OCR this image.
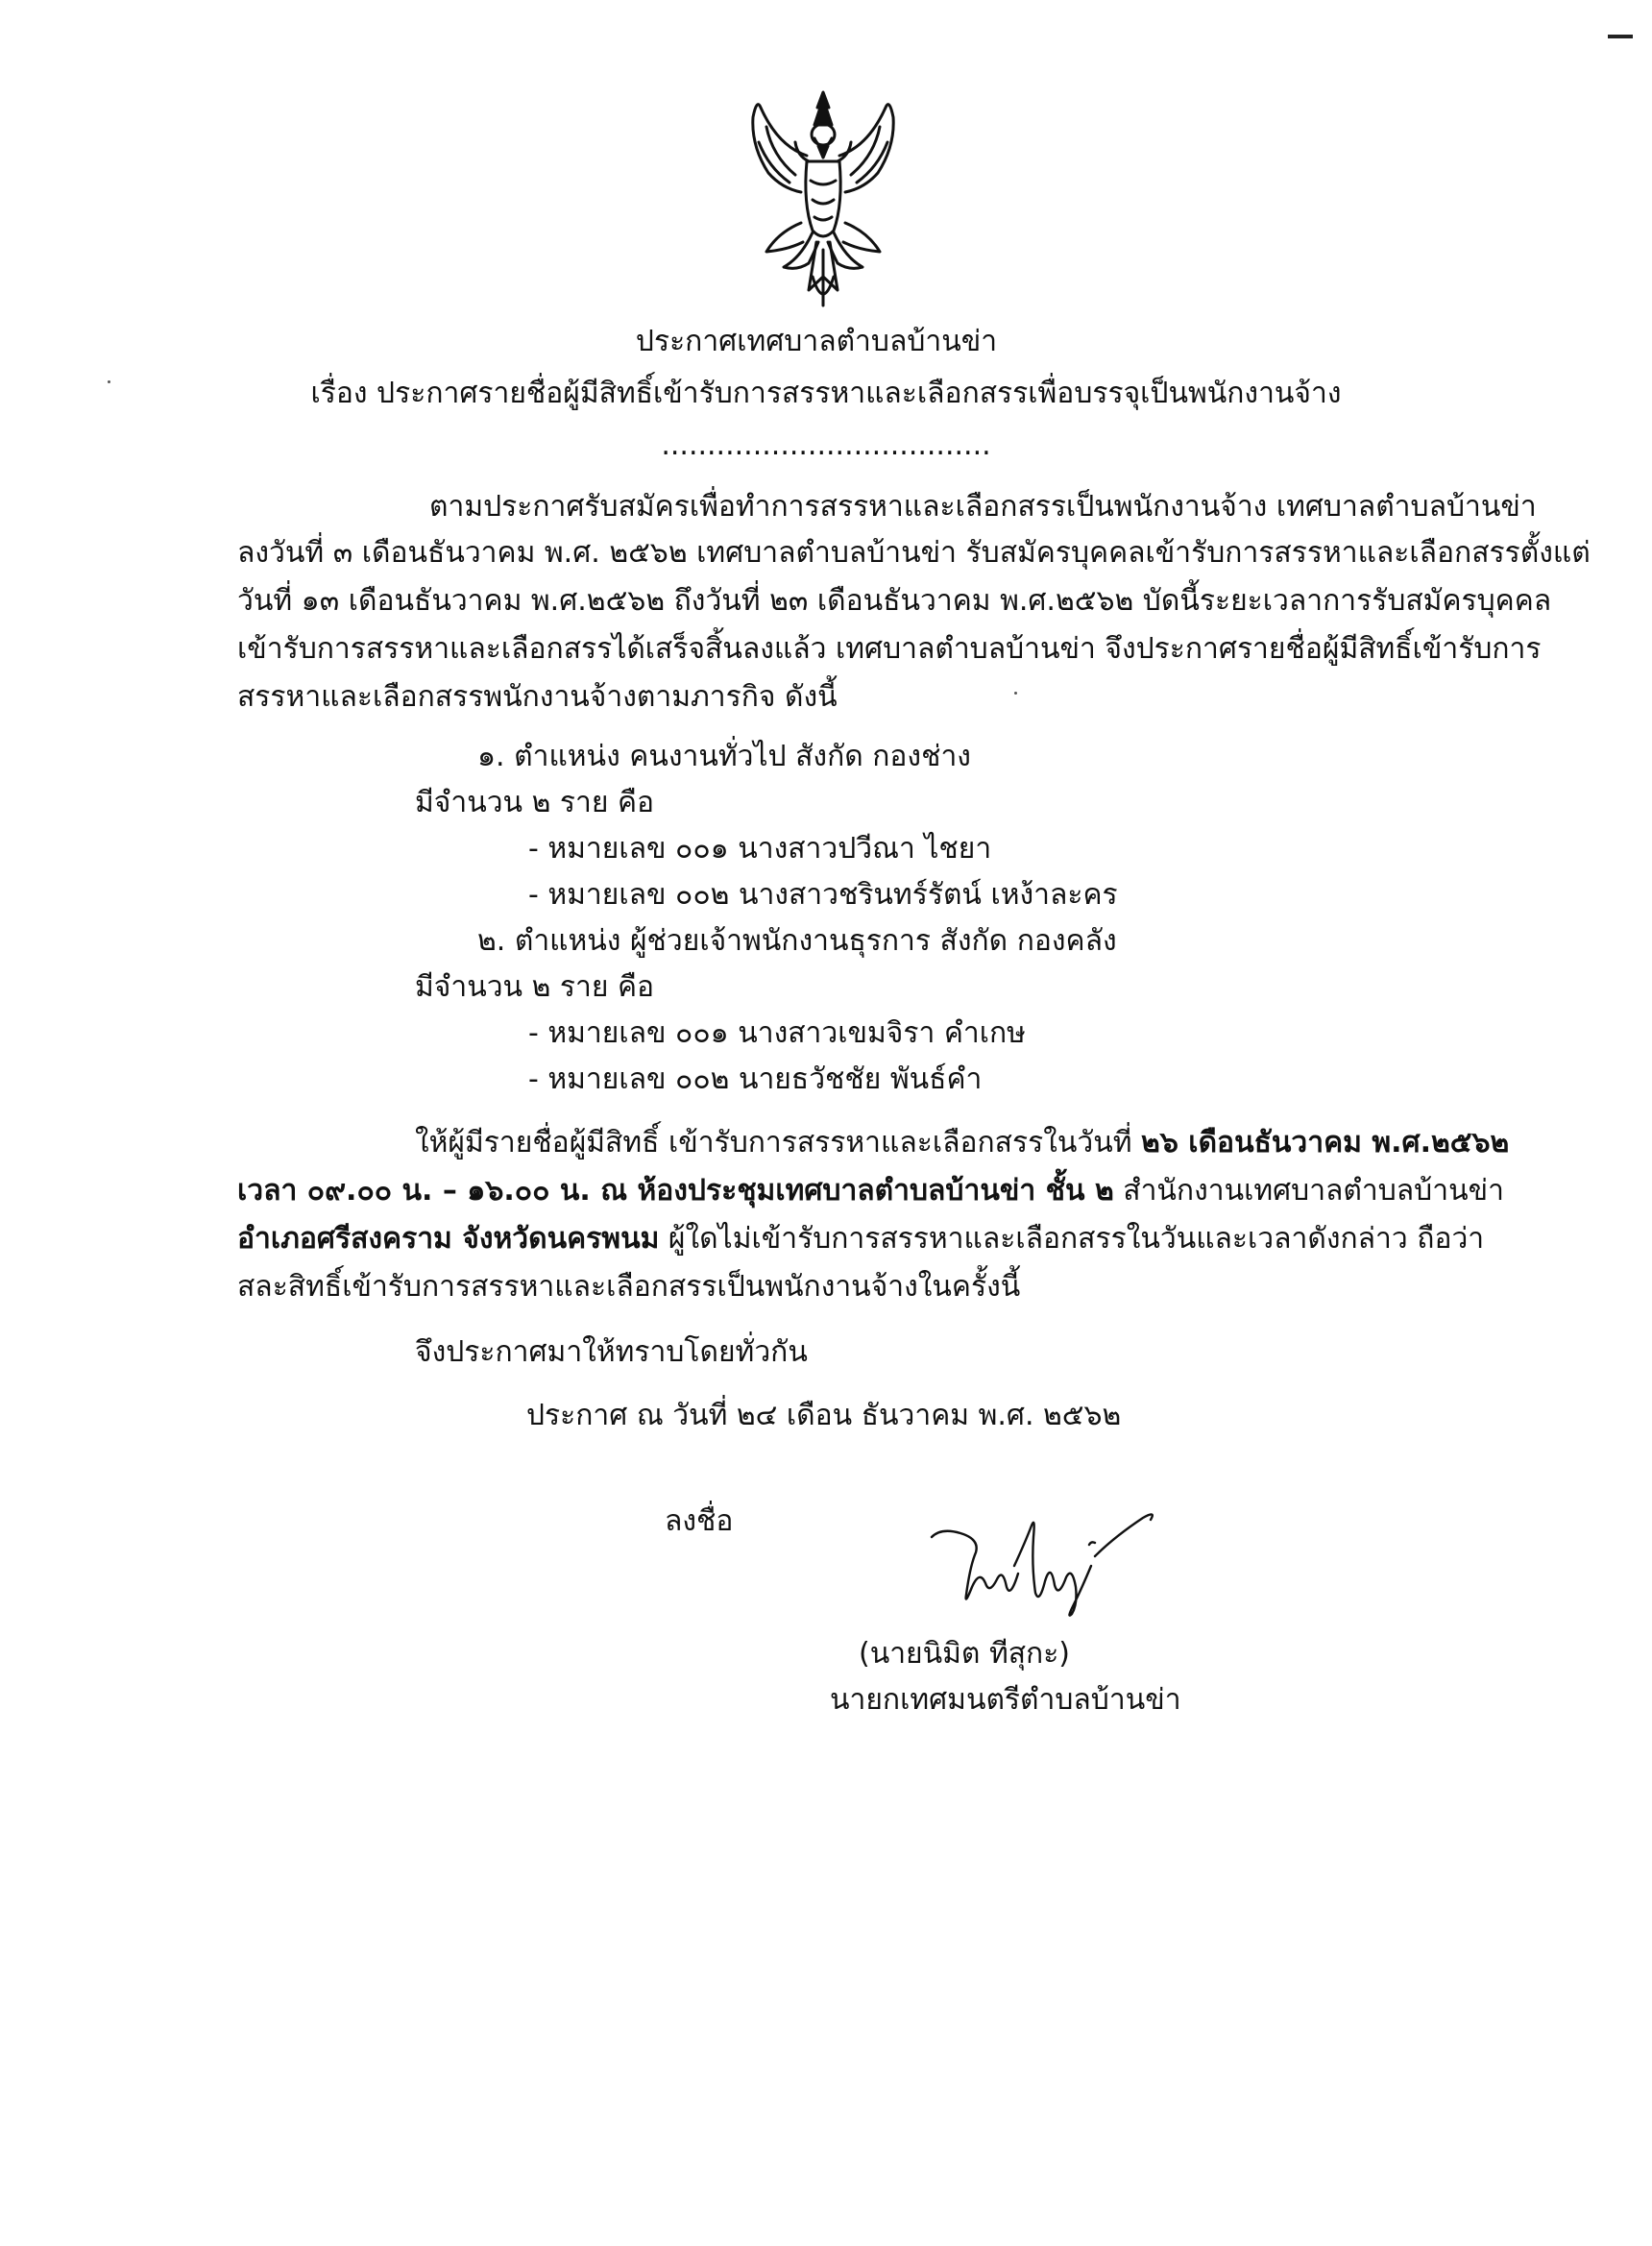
ประกาศเทศบาลตำบลบ้านข่า
เรื่อง ประกาศรายชื่อผู้มีสิทธิ์เข้ารับการสรรหาและเลือกสรรเพื่อบรรจุเป็นพนักงานจ้าง
....................................
ตามประกาศรับสมัครเพื่อทำการสรรหาและเลือกสรรเป็นพนักงานจ้าง เทศบาลตำบลบ้านข่า
ลงวันที่ ๓ เดือนธันวาคม พ.ศ. ๒๕๖๒ เทศบาลตำบลบ้านข่า รับสมัครบุคคลเข้ารับการสรรหาและเลือกสรรตั้งแต่
วันที่ ๑๓ เดือนธันวาคม พ.ศ.๒๕๖๒ ถึงวันที่ ๒๓ เดือนธันวาคม พ.ศ.๒๕๖๒ บัดนี้ระยะเวลาการรับสมัครบุคคล
เข้ารับการสรรหาและเลือกสรรได้เสร็จสิ้นลงแล้ว เทศบาลตำบลบ้านข่า จึงประกาศรายชื่อผู้มีสิทธิ์เข้ารับการ
สรรหาและเลือกสรรพนักงานจ้างตามภารกิจ ดังนี้
๑. ตำแหน่ง คนงานทั่วไป สังกัด กองช่าง
มีจำนวน ๒ ราย คือ
- หมายเลข ๐๐๑ นางสาวปวีณา ไชยา
- หมายเลข ๐๐๒ นางสาวชรินทร์รัตน์ เหง้าละคร
๒. ตำแหน่ง ผู้ช่วยเจ้าพนักงานธุรการ สังกัด กองคลัง
มีจำนวน ๒ ราย คือ
- หมายเลข ๐๐๑ นางสาวเขมจิรา คำเกษ
- หมายเลข ๐๐๒ นายธวัชชัย พันธ์คำ
ให้ผู้มีรายชื่อผู้มีสิทธิ์ เข้ารับการสรรหาและเลือกสรรในวันที่ ๒๖ เดือนธันวาคม พ.ศ.๒๕๖๒
เวลา ๐๙.๐๐ น. – ๑๖.๐๐ น. ณ ห้องประชุมเทศบาลตำบลบ้านข่า ชั้น ๒ สำนักงานเทศบาลตำบลบ้านข่า
อำเภอศรีสงคราม จังหวัดนครพนม ผู้ใดไม่เข้ารับการสรรหาและเลือกสรรในวันและเวลาดังกล่าว ถือว่า
สละสิทธิ์เข้ารับการสรรหาและเลือกสรรเป็นพนักงานจ้างในครั้งนี้
จึงประกาศมาให้ทราบโดยทั่วกัน
ประกาศ ณ วันที่ ๒๔ เดือน ธันวาคม พ.ศ. ๒๕๖๒
ลงชื่อ
(นายนิมิต ทีสุกะ)
นายกเทศมนตรีตำบลบ้านข่า
